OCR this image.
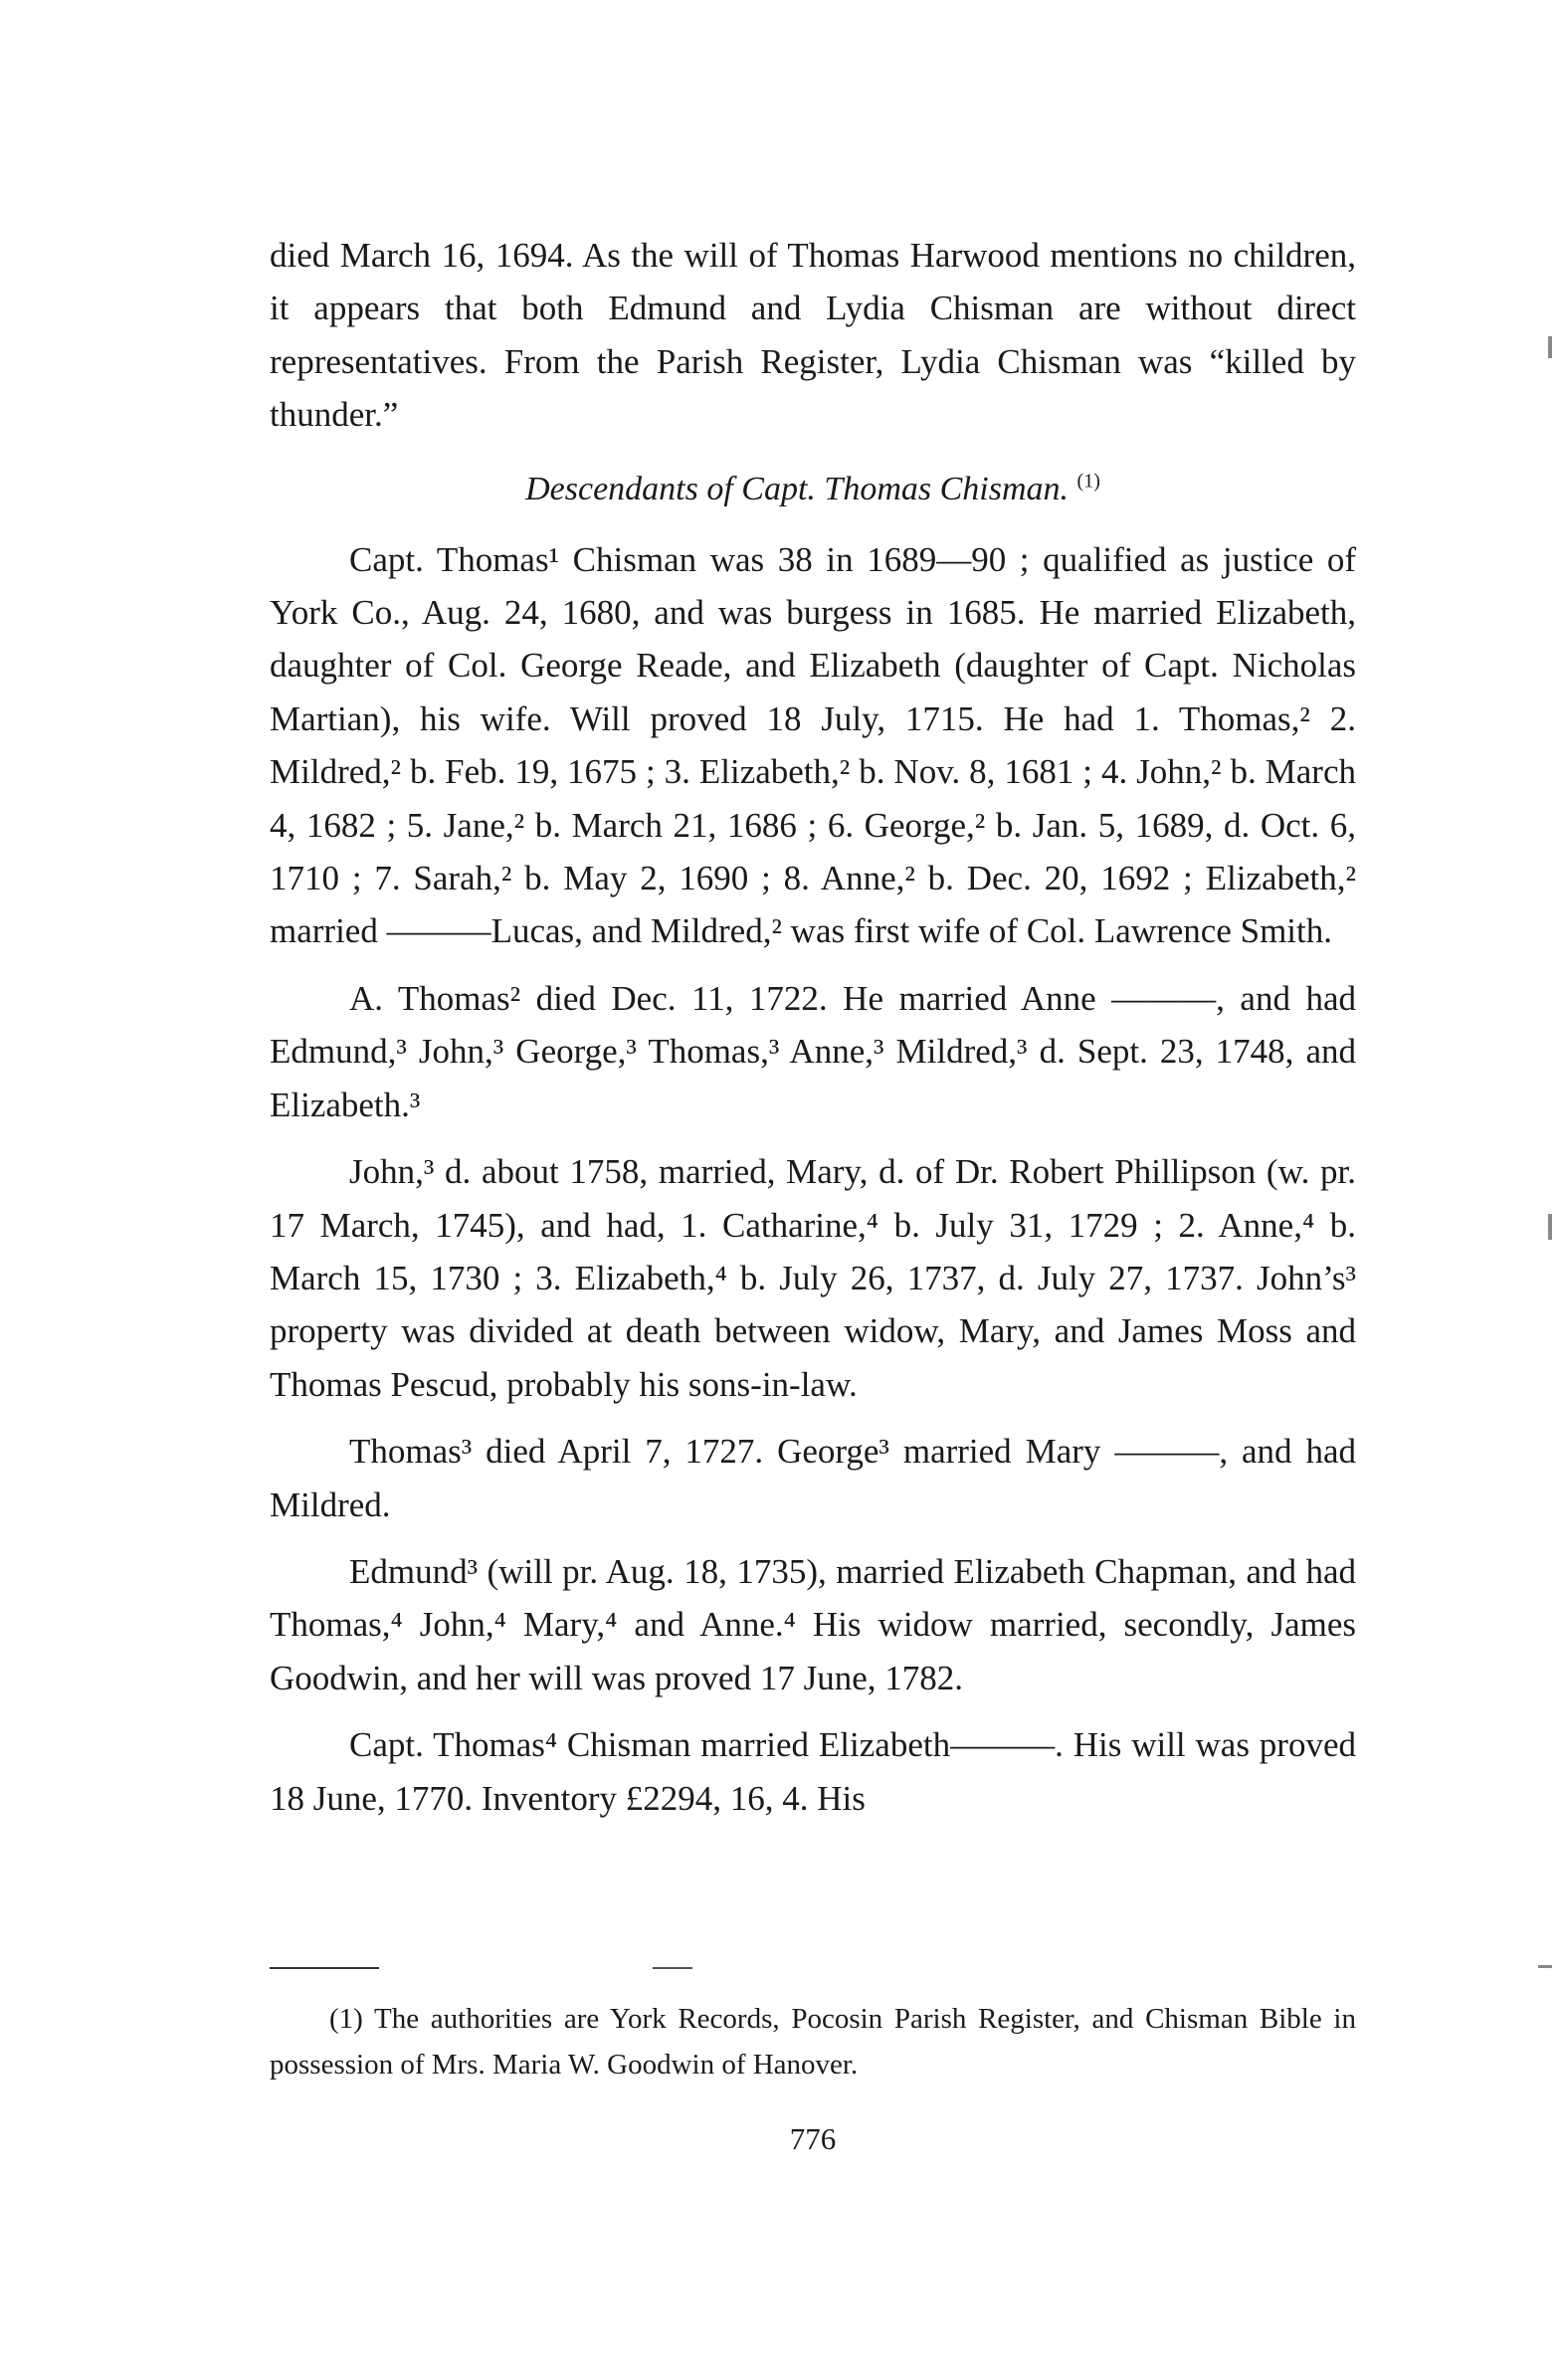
died March 16, 1694. As the will of Thomas Harwood mentions no children, it appears that both Edmund and Lydia Chisman are without direct representatives. From the Parish Register, Lydia Chisman was “killed by thunder.”

Descendants of Capt. Thomas Chisman. $^{(1)}$

Capt. Thomas¹ Chisman was 38 in 1689—90 ; qualified as justice of York Co., Aug. 24, 1680, and was burgess in 1685. He married Elizabeth, daughter of Col. George Reade, and Elizabeth (daughter of Capt. Nicholas Martian), his wife. Will proved 18 July, 1715. He had 1. Thomas,² 2. Mildred,² b. Feb. 19, 1675 ; 3. Elizabeth,² b. Nov. 8, 1681 ; 4. John,² b. March 4, 1682 ; 5. Jane,² b. March 21, 1686 ; 6. George,² b. Jan. 5, 1689, d. Oct. 6, 1710 ; 7. Sarah,² b. May 2, 1690 ; 8. Anne,² b. Dec. 20, 1692 ; Elizabeth,² married ———Lucas, and Mildred,² was first wife of Col. Lawrence Smith.

A. Thomas² died Dec. 11, 1722. He married Anne ———, and had Edmund,³ John,³ George,³ Thomas,³ Anne,³ Mildred,³ d. Sept. 23, 1748, and Elizabeth.³

John,³ d. about 1758, married, Mary, d. of Dr. Robert Phillipson (w. pr. 17 March, 1745), and had, 1. Catharine,⁴ b. July 31, 1729 ; 2. Anne,⁴ b. March 15, 1730 ; 3. Elizabeth,⁴ b. July 26, 1737, d. July 27, 1737. John’s³ property was divided at death between widow, Mary, and James Moss and Thomas Pescud, probably his sons-in-law.

Thomas³ died April 7, 1727. George³ married Mary ———, and had Mildred.

Edmund³ (will pr. Aug. 18, 1735), married Elizabeth Chapman, and had Thomas,⁴ John,⁴ Mary,⁴ and Anne.⁴ His widow married, secondly, James Goodwin, and her will was proved 17 June, 1782.

Capt. Thomas⁴ Chisman married Elizabeth———. His will was proved 18 June, 1770. Inventory £2294, 16, 4. His

(1) The authorities are York Records, Pocosin Parish Register, and Chisman Bible in possession of Mrs. Maria W. Goodwin of Hanover.

776
